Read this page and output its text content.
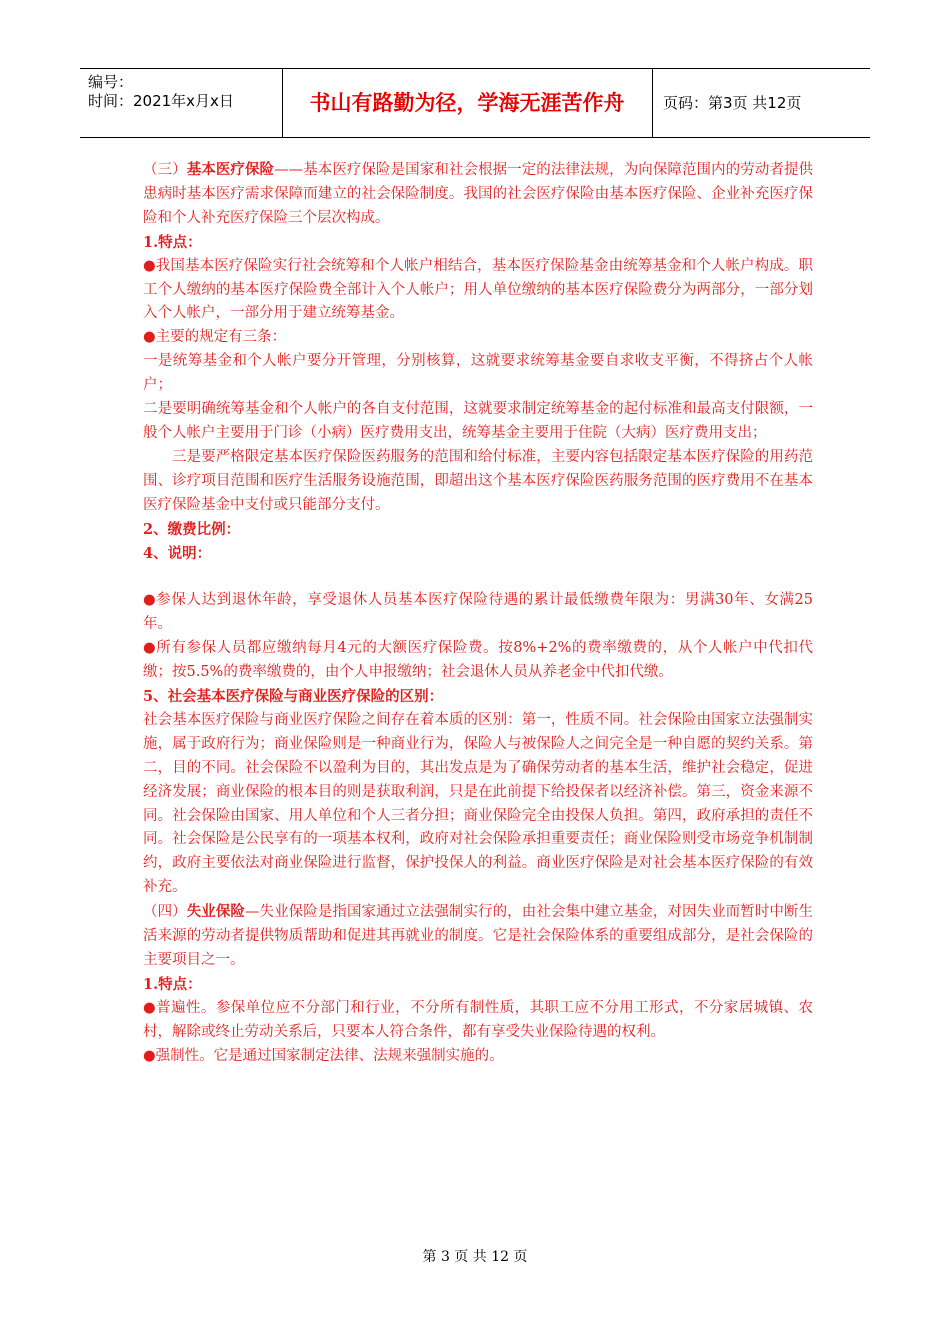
编号：
时间：2021年x月x日	书山有路勤为径，学海无涯苦作舟	页码：第3页 共12页

（三）基本医疗保险——基本医疗保险是国家和社会根据一定的法律法规，为向保障范围内的劳动者提供患病时基本医疗需求保障而建立的社会保险制度。我国的社会医疗保险由基本医疗保险、企业补充医疗保险和个人补充医疗保险三个层次构成。

1.特点：

●我国基本医疗保险实行社会统筹和个人帐户相结合，基本医疗保险基金由统筹基金和个人帐户构成。职工个人缴纳的基本医疗保险费全部计入个人帐户；用人单位缴纳的基本医疗保险费分为两部分，一部分划入个人帐户，一部分用于建立统筹基金。

●主要的规定有三条：

一是统筹基金和个人帐户要分开管理，分别核算，这就要求统筹基金要自求收支平衡，不得挤占个人帐户；

二是要明确统筹基金和个人帐户的各自支付范围，这就要求制定统筹基金的起付标准和最高支付限额，一般个人帐户主要用于门诊（小病）医疗费用支出，统筹基金主要用于住院（大病）医疗费用支出；

三是要严格限定基本医疗保险医药服务的范围和给付标准，主要内容包括限定基本医疗保险的用药范围、诊疗项目范围和医疗生活服务设施范围，即超出这个基本医疗保险医药服务范围的医疗费用不在基本医疗保险基金中支付或只能部分支付。

2、缴费比例：

4、说明：

●参保人达到退休年龄，享受退休人员基本医疗保险待遇的累计最低缴费年限为：男满30年、女满25年。

●所有参保人员都应缴纳每月4元的大额医疗保险费。按8%+2%的费率缴费的，从个人帐户中代扣代缴；按5.5%的费率缴费的，由个人申报缴纳；社会退休人员从养老金中代扣代缴。

5、社会基本医疗保险与商业医疗保险的区别：

社会基本医疗保险与商业医疗保险之间存在着本质的区别：第一，性质不同。社会保险由国家立法强制实施，属于政府行为；商业保险则是一种商业行为，保险人与被保险人之间完全是一种自愿的契约关系。第二，目的不同。社会保险不以盈利为目的，其出发点是为了确保劳动者的基本生活，维护社会稳定，促进经济发展；商业保险的根本目的则是获取利润，只是在此前提下给投保者以经济补偿。第三，资金来源不同。社会保险由国家、用人单位和个人三者分担；商业保险完全由投保人负担。第四，政府承担的责任不同。社会保险是公民享有的一项基本权利，政府对社会保险承担重要责任；商业保险则受市场竞争机制制约，政府主要依法对商业保险进行监督，保护投保人的利益。商业医疗保险是对社会基本医疗保险的有效补充。

（四）失业保险—失业保险是指国家通过立法强制实行的，由社会集中建立基金，对因失业而暂时中断生活来源的劳动者提供物质帮助和促进其再就业的制度。它是社会保险体系的重要组成部分，是社会保险的主要项目之一。

1.特点：

●普遍性。参保单位应不分部门和行业，不分所有制性质，其职工应不分用工形式，不分家居城镇、农村，解除或终止劳动关系后，只要本人符合条件，都有享受失业保险待遇的权利。

●强制性。它是通过国家制定法律、法规来强制实施的。

第 3 页 共 12 页
